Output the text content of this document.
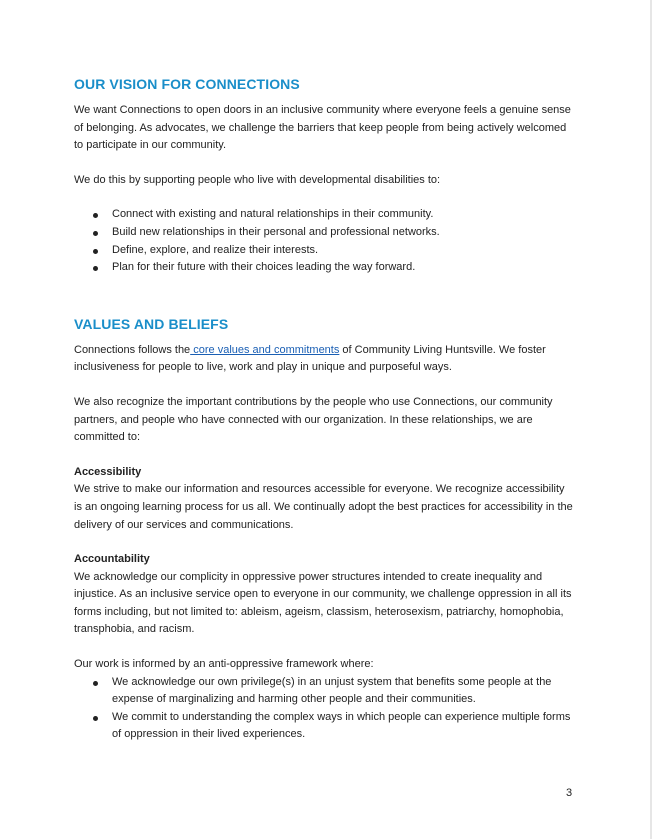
OUR VISION FOR CONNECTIONS

We want Connections to open doors in an inclusive community where everyone feels a genuine sense of belonging. As advocates, we challenge the barriers that keep people from being actively welcomed to participate in our community.

We do this by supporting people who live with developmental disabilities to:

Connect with existing and natural relationships in their community.
Build new relationships in their personal and professional networks.
Define, explore, and realize their interests.
Plan for their future with their choices leading the way forward.
VALUES AND BELIEFS

Connections follows the core values and commitments of Community Living Huntsville. We foster inclusiveness for people to live, work and play in unique and purposeful ways.

We also recognize the important contributions by the people who use Connections, our community partners, and people who have connected with our organization. In these relationships, we are committed to:

Accessibility

We strive to make our information and resources accessible for everyone. We recognize accessibility is an ongoing learning process for us all. We continually adopt the best practices for accessibility in the delivery of our services and communications.

Accountability

We acknowledge our complicity in oppressive power structures intended to create inequality and injustice. As an inclusive service open to everyone in our community, we challenge oppression in all its forms including, but not limited to: ableism, ageism, classism, heterosexism, patriarchy, homophobia, transphobia, and racism.

Our work is informed by an anti-oppressive framework where:

We acknowledge our own privilege(s) in an unjust system that benefits some people at the expense of marginalizing and harming other people and their communities.
We commit to understanding the complex ways in which people can experience multiple forms of oppression in their lived experiences.
3
